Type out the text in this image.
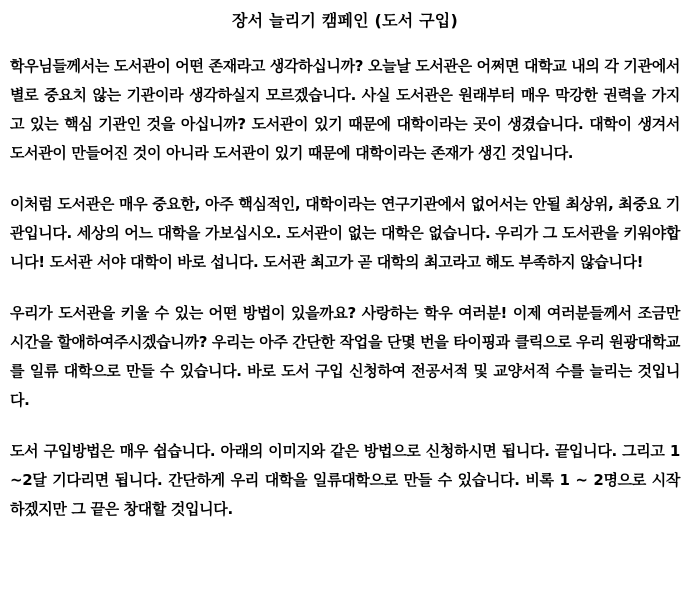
장서 늘리기 캠페인 (도서 구입)

학우님들께서는 도서관이 어떤 존재라고 생각하십니까? 오늘날 도서관은 어쩌면 대학교 내의 각 기관에서 별로 중요치 않는 기관이라 생각하실지 모르겠습니다. 사실 도서관은 원래부터 매우 막강한 권력을 가지고 있는 핵심 기관인 것을 아십니까? 도서관이 있기 때문에 대학이라는 곳이 생겼습니다. 대학이 생겨서 도서관이 만들어진 것이 아니라 도서관이 있기 때문에 대학이라는 존재가 생긴 것입니다.

이처럼 도서관은 매우 중요한, 아주 핵심적인, 대학이라는 연구기관에서 없어서는 안될 최상위, 최중요 기관입니다. 세상의 어느 대학을 가보십시오. 도서관이 없는 대학은 없습니다. 우리가 그 도서관을 키워야합니다! 도서관 서야 대학이 바로 섭니다. 도서관 최고가 곧 대학의 최고라고 해도 부족하지 않습니다!

우리가 도서관을 키울 수 있는 어떤 방법이 있을까요? 사랑하는 학우 여러분! 이제 여러분들께서 조금만 시간을 할애하여주시겠습니까? 우리는 아주 간단한 작업을 단몇 번을 타이핑과 클릭으로 우리 원광대학교를 일류 대학으로 만들 수 있습니다. 바로 도서 구입 신청하여 전공서적 및 교양서적 수를 늘리는 것입니다.

도서 구입방법은 매우 쉽습니다. 아래의 이미지와 같은 방법으로 신청하시면 됩니다. 끝입니다. 그리고 1~2달 기다리면 됩니다. 간단하게 우리 대학을 일류대학으로 만들 수 있습니다. 비록 1 ~ 2명으로 시작하겠지만 그 끝은 창대할 것입니다.
